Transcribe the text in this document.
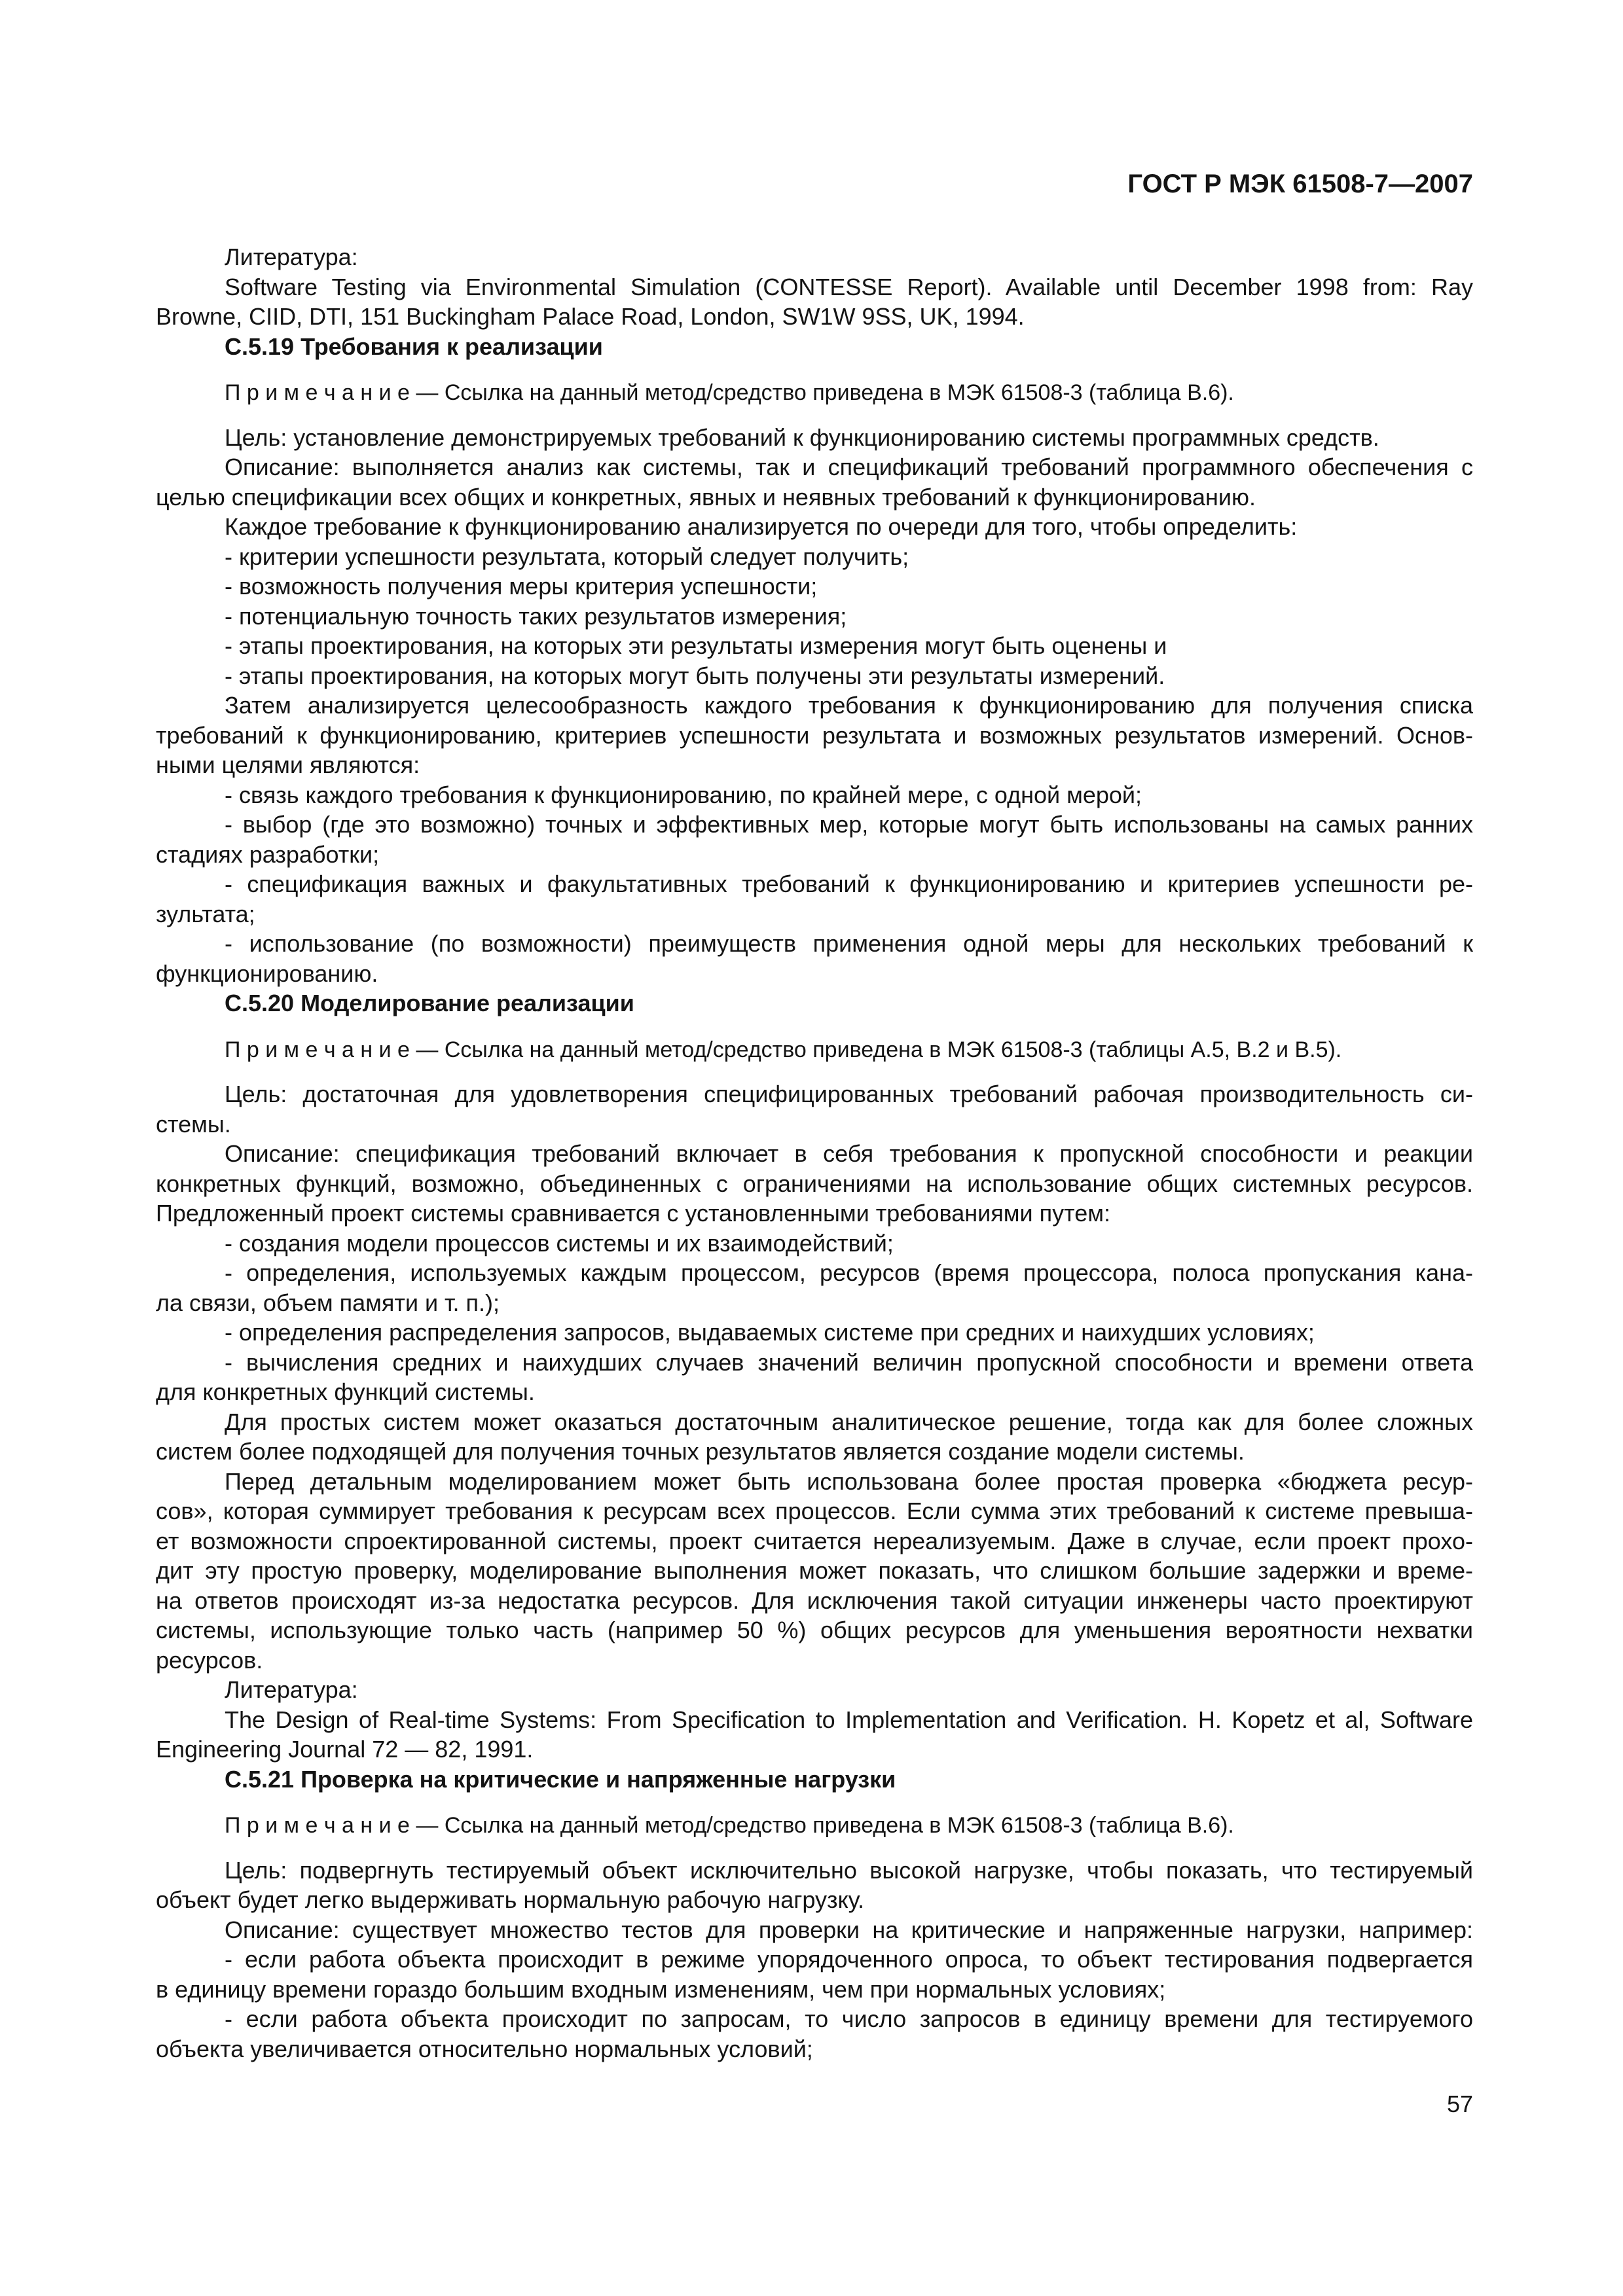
ГОСТ Р МЭК 61508-7—2007
Литература:
Software Testing via Environmental Simulation (CONTESSE Report). Available until December 1998 from: Ray
Browne, CIID, DTI, 151 Buckingham Palace Road, London, SW1W 9SS, UK, 1994.
С.5.19 Требования к реализации
П р и м е ч а н и е — Ссылка на данный метод/средство приведена в МЭК 61508-3 (таблица В.6).
Цель: установление демонстрируемых требований к функционированию системы программных средств.
Описание: выполняется анализ как системы, так и спецификаций требований программного обеспечения с
целью спецификации всех общих и конкретных, явных и неявных требований к функционированию.
Каждое требование к функционированию анализируется по очереди для того, чтобы определить:
- критерии успешности результата, который следует получить;
- возможность получения меры критерия успешности;
- потенциальную точность таких результатов измерения;
- этапы проектирования, на которых эти результаты измерения могут быть оценены и
- этапы проектирования, на которых могут быть получены эти результаты измерений.
Затем анализируется целесообразность каждого требования к функционированию для получения списка
требований к функционированию, критериев успешности результата и возможных результатов измерений. Основ-
ными целями являются:
- связь каждого требования к функционированию, по крайней мере, с одной мерой;
- выбор (где это возможно) точных и эффективных мер, которые могут быть использованы на самых ранних
стадиях разработки;
- спецификация важных и факультативных требований к функционированию и критериев успешности ре-
зультата;
- использование (по возможности) преимуществ применения одной меры для нескольких требований к
функционированию.
С.5.20 Моделирование реализации
П р и м е ч а н и е — Ссылка на данный метод/средство приведена в МЭК 61508-3 (таблицы А.5, В.2 и В.5).
Цель: достаточная для удовлетворения специфицированных требований рабочая производительность си-
стемы.
Описание: спецификация требований включает в себя требования к пропускной способности и реакции
конкретных функций, возможно, объединенных с ограничениями на использование общих системных ресурсов.
Предложенный проект системы сравнивается с установленными требованиями путем:
- создания модели процессов системы и их взаимодействий;
- определения, используемых каждым процессом, ресурсов (время процессора, полоса пропускания кана-
ла связи, объем памяти и т. п.);
- определения распределения запросов, выдаваемых системе при средних и наихудших условиях;
- вычисления средних и наихудших случаев значений величин пропускной способности и времени ответа
для конкретных функций системы.
Для простых систем может оказаться достаточным аналитическое решение, тогда как для более сложных
систем более подходящей для получения точных результатов является создание модели системы.
Перед детальным моделированием может быть использована более простая проверка «бюджета ресур-
сов», которая суммирует требования к ресурсам всех процессов. Если сумма этих требований к системе превыша-
ет возможности спроектированной системы, проект считается нереализуемым. Даже в случае, если проект прохо-
дит эту простую проверку, моделирование выполнения может показать, что слишком большие задержки и време-
на ответов происходят из-за недостатка ресурсов. Для исключения такой ситуации инженеры часто проектируют
системы, использующие только часть (например 50 %) общих ресурсов для уменьшения вероятности нехватки
ресурсов.
Литература:
The Design of Real-time Systems: From Specification to Implementation and Verification. H. Kopetz et al, Software
Engineering Journal 72 — 82, 1991.
С.5.21 Проверка на критические и напряженные нагрузки
П р и м е ч а н и е — Ссылка на данный метод/средство приведена в МЭК 61508-3 (таблица В.6).
Цель: подвергнуть тестируемый объект исключительно высокой нагрузке, чтобы показать, что тестируемый
объект будет легко выдерживать нормальную рабочую нагрузку.
Описание: существует множество тестов для проверки на критические и напряженные нагрузки, например:
- если работа объекта происходит в режиме упорядоченного опроса, то объект тестирования подвергается
в единицу времени гораздо большим входным изменениям, чем при нормальных условиях;
- если работа объекта происходит по запросам, то число запросов в единицу времени для тестируемого
объекта увеличивается относительно нормальных условий;
57
